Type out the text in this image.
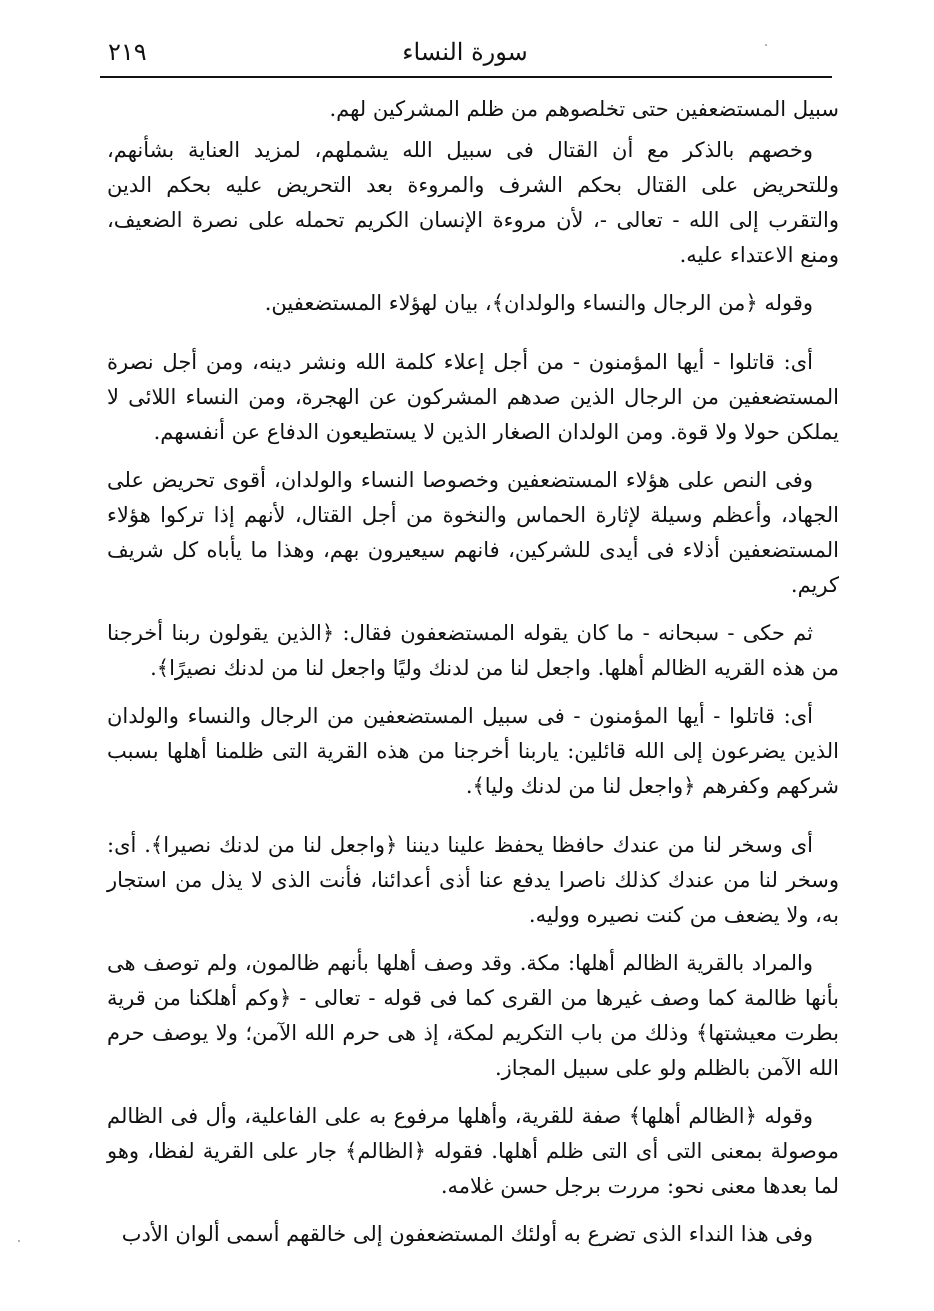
٢١٩	سورة النساء

سبيل المستضعفين حتى تخلصوهم من ظلم المشركين لهم.

وخصهم بالذكر مع أن القتال فى سبيل الله يشملهم، لمزيد العناية بشأنهم، وللتحريض على القتال بحكم الشرف والمروءة بعد التحريض عليه بحكم الدين والتقرب إلى الله - تعالى -، لأن مروءة الإنسان الكريم تحمله على نصرة الضعيف، ومنع الاعتداء عليه.

وقوله ﴿من الرجال والنساء والولدان﴾، بيان لهؤلاء المستضعفين.

أى: قاتلوا - أيها المؤمنون - من أجل إعلاء كلمة الله ونشر دينه، ومن أجل نصرة المستضعفين من الرجال الذين صدهم المشركون عن الهجرة، ومن النساء اللائى لا يملكن حولا ولا قوة. ومن الولدان الصغار الذين لا يستطيعون الدفاع عن أنفسهم.

وفى النص على هؤلاء المستضعفين وخصوصا النساء والولدان، أقوى تحريض على الجهاد، وأعظم وسيلة لإثارة الحماس والنخوة من أجل القتال، لأنهم إذا تركوا هؤلاء المستضعفين أذلاء فى أيدى للشركين، فانهم سيعيرون بهم، وهذا ما يأباه كل شريف كريم.

ثم حكى - سبحانه - ما كان يقوله المستضعفون فقال: ﴿الذين يقولون ربنا أخرجنا من هذه القريه الظالم أهلها. واجعل لنا من لدنك وليًا واجعل لنا من لدنك نصيرًا﴾.

أى: قاتلوا - أيها المؤمنون - فى سبيل المستضعفين من الرجال والنساء والولدان الذين يضرعون إلى الله قائلين: ياربنا أخرجنا من هذه القرية التى ظلمنا أهلها بسبب شركهم وكفرهم ﴿واجعل لنا من لدنك وليا﴾.

أى وسخر لنا من عندك حافظا يحفظ علينا ديننا ﴿واجعل لنا من لدنك نصيرا﴾. أى: وسخر لنا من عندك كذلك ناصرا يدفع عنا أذى أعدائنا، فأنت الذى لا يذل من استجار به، ولا يضعف من كنت نصيره ووليه.

والمراد بالقرية الظالم أهلها: مكة. وقد وصف أهلها بأنهم ظالمون، ولم توصف هى بأنها ظالمة كما وصف غيرها من القرى كما فى قوله - تعالى - ﴿وكم أهلكنا من قرية بطرت معيشتها﴾ وذلك من باب التكريم لمكة، إذ هى حرم الله الآمن؛ ولا يوصف حرم الله الآمن بالظلم ولو على سبيل المجاز.

وقوله ﴿الظالم أهلها﴾ صفة للقرية، وأهلها مرفوع به على الفاعلية، وأل فى الظالم موصولة بمعنى التى أى التى ظلم أهلها. فقوله ﴿الظالم﴾ جار على القرية لفظا، وهو لما بعدها معنى نحو: مررت برجل حسن غلامه.

وفى هذا النداء الذى تضرع به أولئك المستضعفون إلى خالقهم أسمى ألوان الأدب
